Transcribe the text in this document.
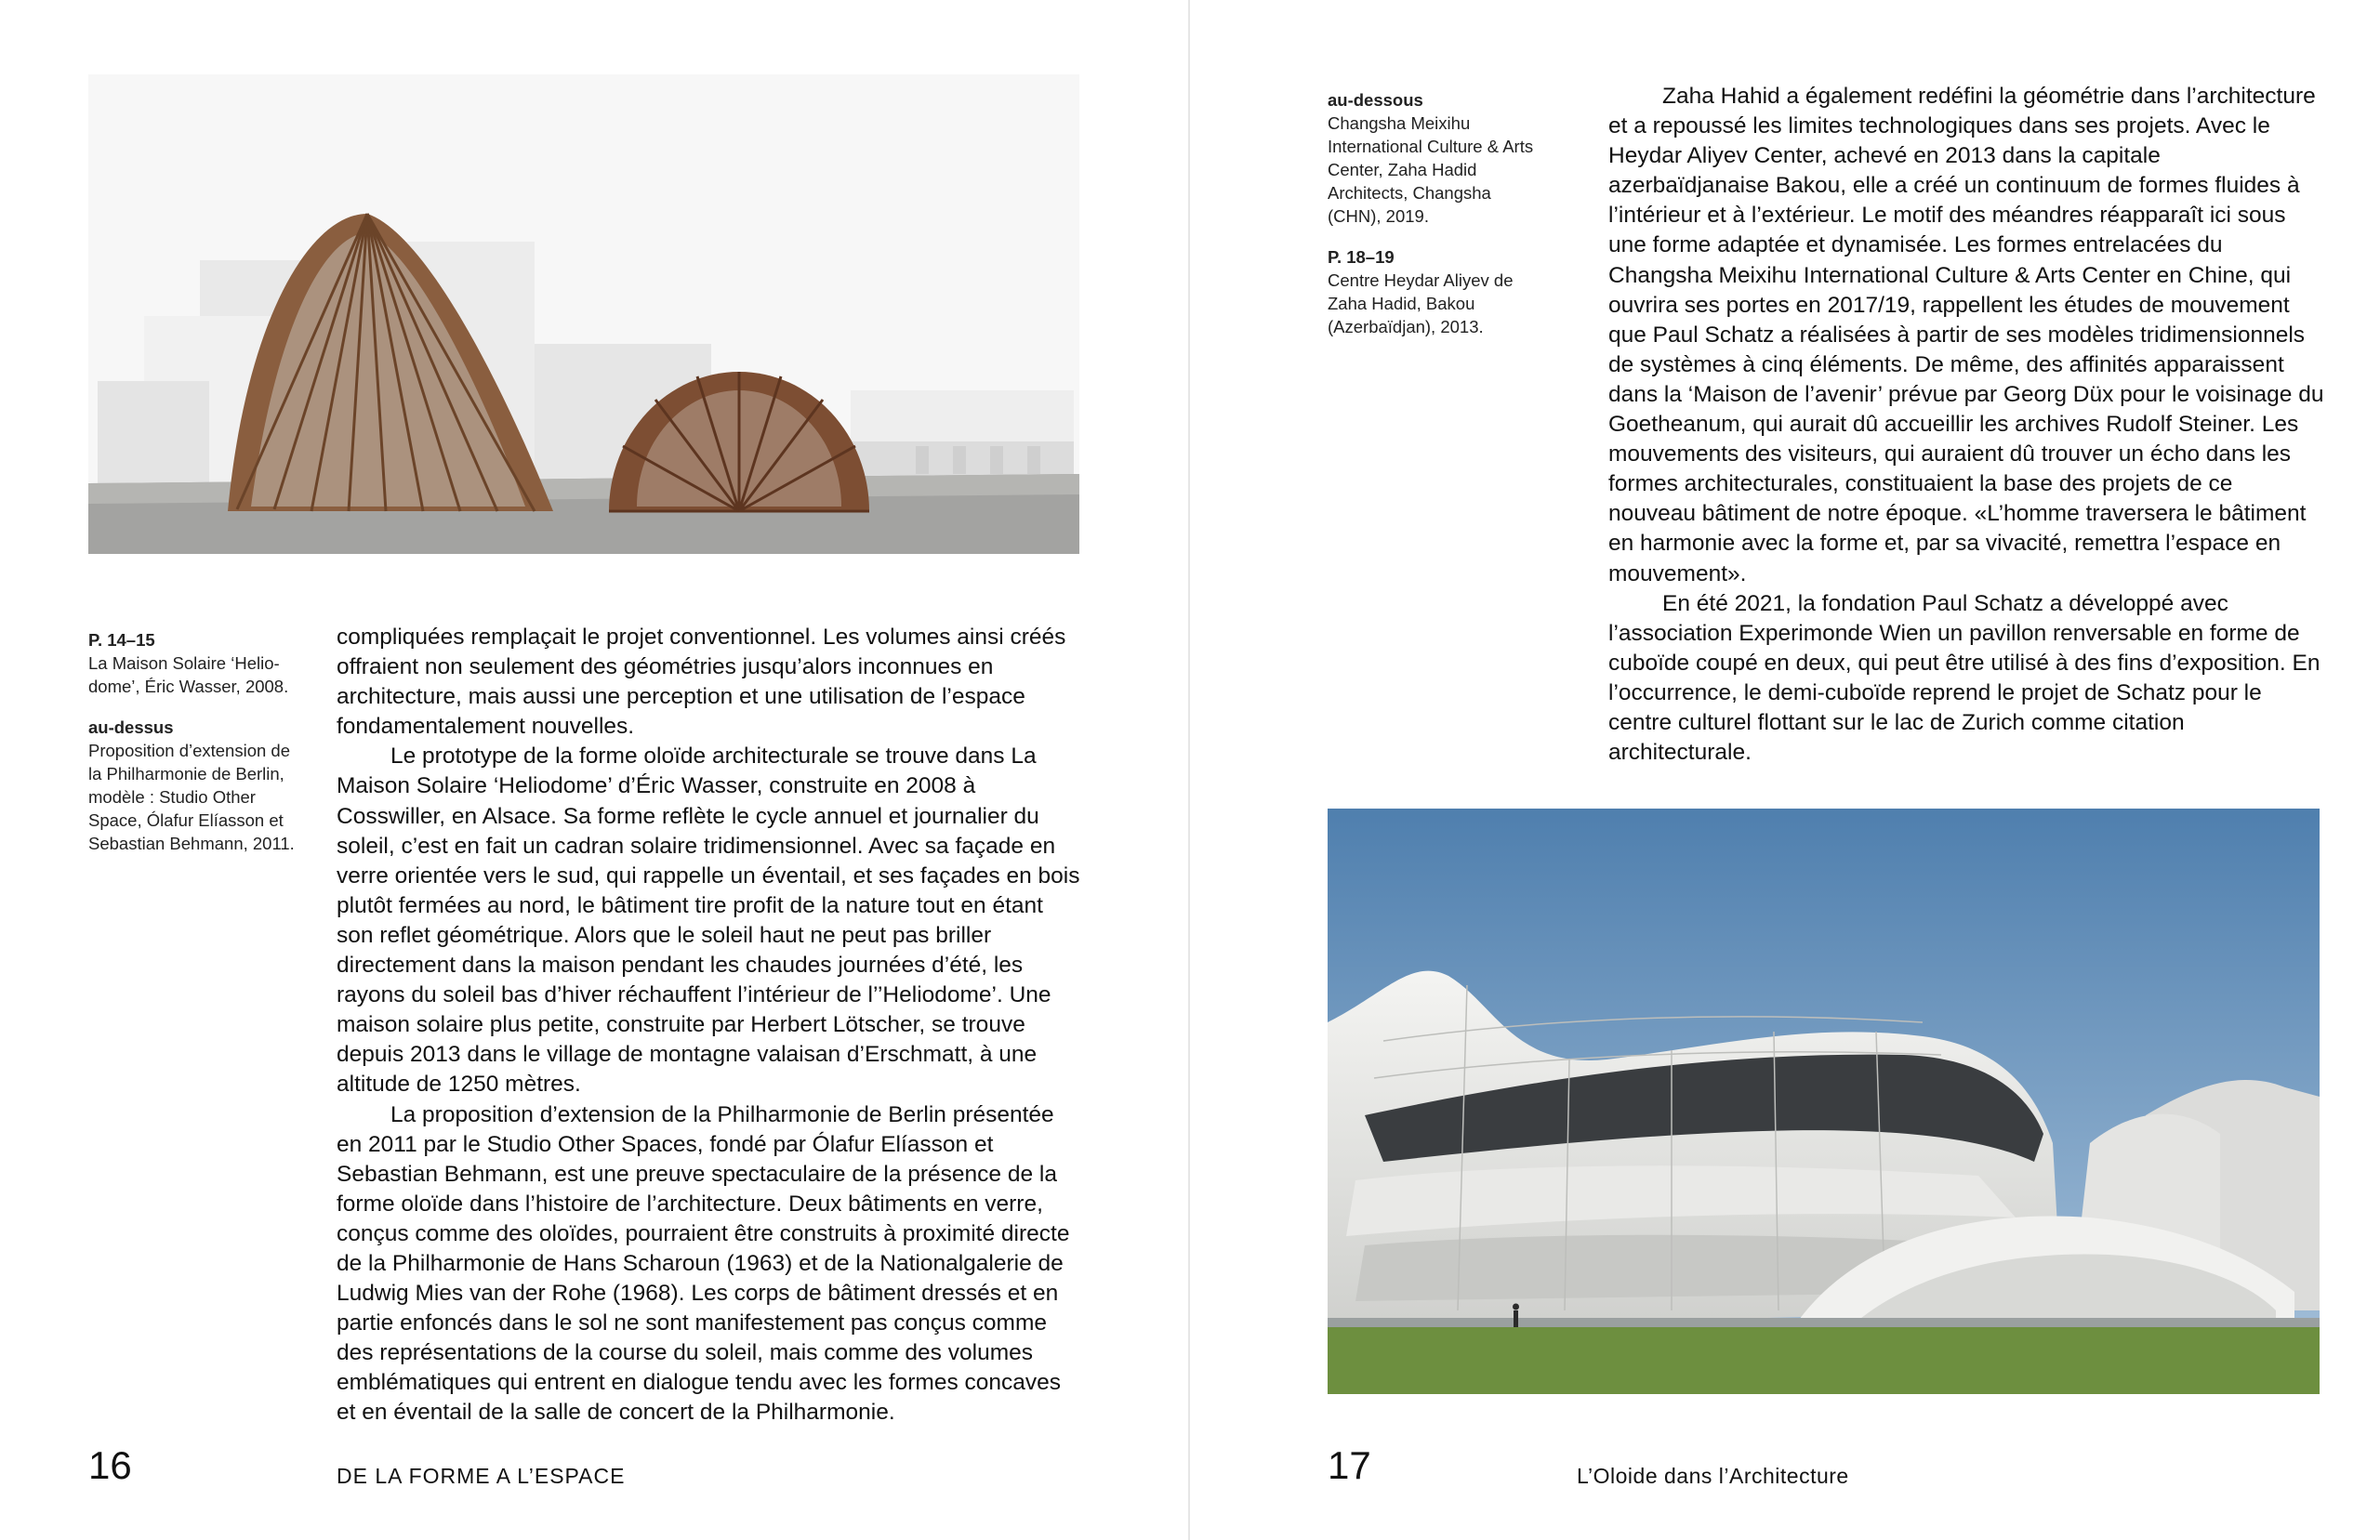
P. 14–15
La Maison Solaire ‘Helio-dome’, Éric Wasser, 2008.
au-dessus
Proposition d’extension de la Philharmonie de Berlin, modèle : Studio Other Space, Ólafur Elíasson et Sebastian Behmann, 2011.

compliquées remplaçait le projet conventionnel. Les volumes ainsi créés offraient non seulement des géométries jusqu’alors inconnues en architecture, mais aussi une perception et une utilisation de l’espace fondamentalement nouvelles.

Le prototype de la forme oloïde architecturale se trouve dans La Maison Solaire ‘Heliodome’ d’Éric Wasser, construite en 2008 à Cosswiller, en Alsace. Sa forme reflète le cycle annuel et journalier du soleil, c’est en fait un cadran solaire tridimensionnel. Avec sa façade en verre orientée vers le sud, qui rappelle un éventail, et ses façades en bois plutôt fermées au nord, le bâtiment tire profit de la nature tout en étant son reflet géométrique. Alors que le soleil haut ne peut pas briller directement dans la maison pendant les chaudes journées d’été, les rayons du soleil bas d’hiver réchauffent l’intérieur de l’’Heliodome’. Une maison solaire plus petite, construite par Herbert Lötscher, se trouve depuis 2013 dans le village de montagne valaisan d’Erschmatt, à une altitude de 1250 mètres.

La proposition d’extension de la Philharmonie de Berlin présentée en 2011 par le Studio Other Spaces, fondé par Ólafur Elíasson et Sebastian Behmann, est une preuve spectaculaire de la présence de la forme oloïde dans l’histoire de l’architecture. Deux bâtiments en verre, conçus comme des oloïdes, pourraient être construits à proximité directe de la Philharmonie de Hans Scharoun (1963) et de la Nationalgalerie de Ludwig Mies van der Rohe (1968). Les corps de bâtiment dressés et en partie enfoncés dans le sol ne sont manifestement pas conçus comme des représentations de la course du soleil, mais comme des volumes emblématiques qui entrent en dialogue tendu avec les formes concaves et en éventail de la salle de concert de la Philharmonie.

16	DE LA FORME A L’ESPACE
au-dessous
Changsha Meixihu International Culture & Arts Center, Zaha Hadid Architects, Changsha (CHN), 2019.
P. 18–19
Centre Heydar Aliyev de Zaha Hadid, Bakou (Azerbaïdjan), 2013.

Zaha Hahid a également redéfini la géométrie dans l’architecture et a repoussé les limites technologiques dans ses projets. Avec le Heydar Aliyev Center, achevé en 2013 dans la capitale azerbaïdjanaise Bakou, elle a créé un continuum de formes fluides à l’intérieur et à l’extérieur. Le motif des méandres réapparaît ici sous une forme adaptée et dynamisée. Les formes entrelacées du Changsha Meixihu International Culture & Arts Center en Chine, qui ouvrira ses portes en 2017/19, rappellent les études de mouvement que Paul Schatz a réalisées à partir de ses modèles tridimensionnels de systèmes à cinq éléments. De même, des affinités apparaissent dans la ‘Maison de l’avenir’ prévue par Georg Düx pour le voisinage du Goetheanum, qui aurait dû accueillir les archives Rudolf Steiner. Les mouvements des visiteurs, qui auraient dû trouver un écho dans les formes architecturales, constituaient la base des projets de ce nouveau bâtiment de notre époque. «L’homme traversera le bâtiment en harmonie avec la forme et, par sa vivacité, remettra l’espace en mouvement».

En été 2021, la fondation Paul Schatz a développé avec l’association Experimonde Wien un pavillon renversable en forme de cuboïde coupé en deux, qui peut être utilisé à des fins d’exposition. En l’occurrence, le demi-cuboïde reprend le projet de Schatz pour le centre culturel flottant sur le lac de Zurich comme citation architecturale.

17	L’Oloide dans l’Architecture
